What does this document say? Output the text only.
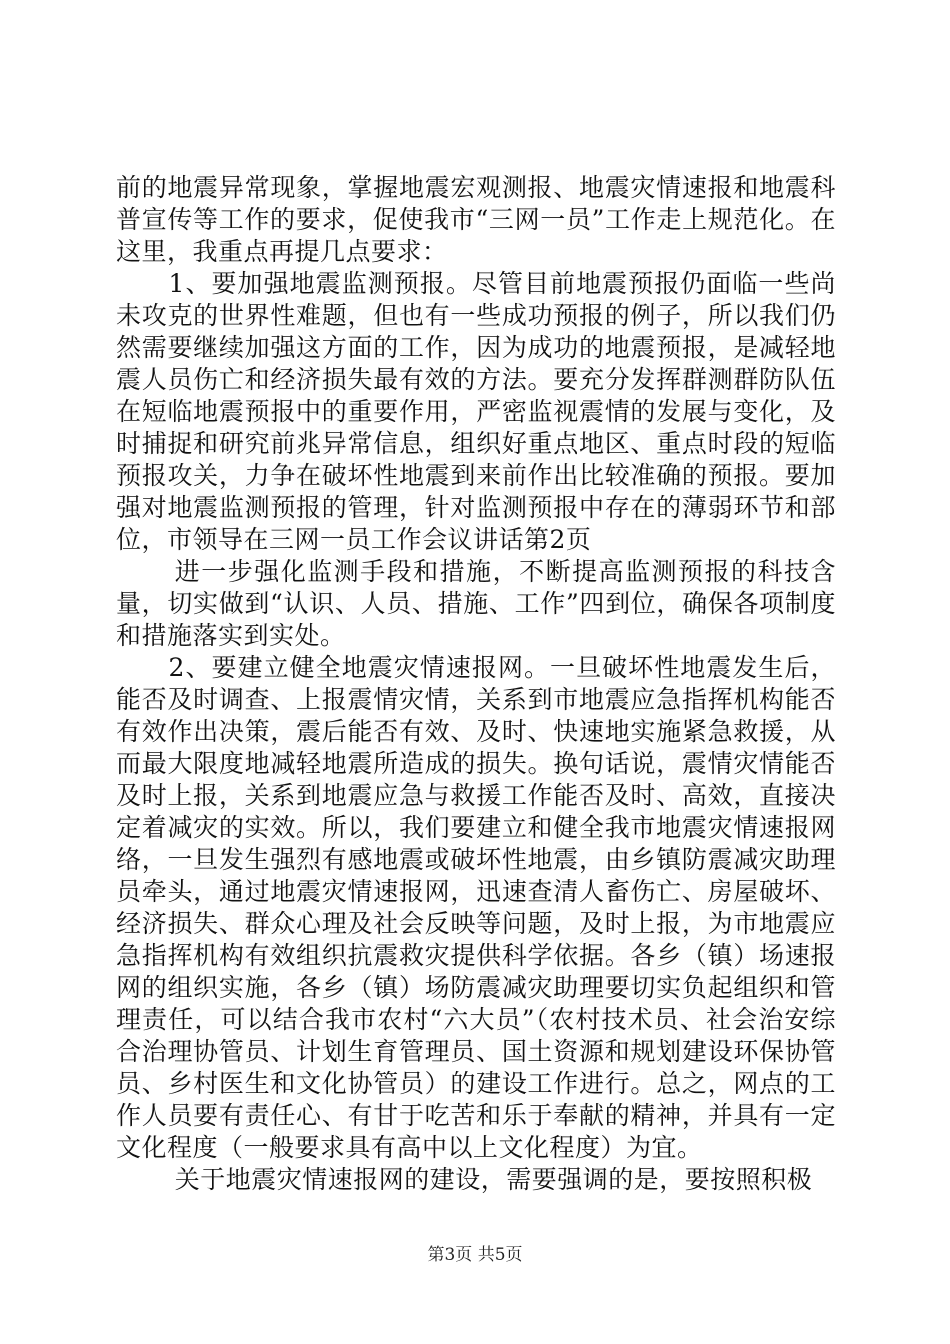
前的地震异常现象，掌握地震宏观测报、地震灾情速报和地震科普宣传等工作的要求，促使我市“三网一员”工作走上规范化。在这里，我重点再提几点要求：

1、要加强地震监测预报。尽管目前地震预报仍面临一些尚未攻克的世界性难题，但也有一些成功预报的例子，所以我们仍然需要继续加强这方面的工作，因为成功的地震预报，是减轻地震人员伤亡和经济损失最有效的方法。要充分发挥群测群防队伍在短临地震预报中的重要作用，严密监视震情的发展与变化，及时捕捉和研究前兆异常信息，组织好重点地区、重点时段的短临预报攻关，力争在破坏性地震到来前作出比较准确的预报。要加强对地震监测预报的管理，针对监测预报中存在的薄弱环节和部位，市领导在三网一员工作会议讲话第2页

进一步强化监测手段和措施，不断提高监测预报的科技含量，切实做到“认识、人员、措施、工作”四到位，确保各项制度和措施落实到实处。

2、要建立健全地震灾情速报网。一旦破坏性地震发生后，能否及时调查、上报震情灾情，关系到市地震应急指挥机构能否有效作出决策，震后能否有效、及时、快速地实施紧急救援，从而最大限度地减轻地震所造成的损失。换句话说，震情灾情能否及时上报，关系到地震应急与救援工作能否及时、高效，直接决定着减灾的实效。所以，我们要建立和健全我市地震灾情速报网络，一旦发生强烈有感地震或破坏性地震，由乡镇防震减灾助理员牵头，通过地震灾情速报网，迅速查清人畜伤亡、房屋破坏、经济损失、群众心理及社会反映等问题，及时上报，为市地震应急指挥机构有效组织抗震救灾提供科学依据。各乡（镇）场速报网的组织实施，各乡（镇）场防震减灾助理要切实负起组织和管理责任，可以结合我市农村“六大员”（农村技术员、社会治安综合治理协管员、计划生育管理员、国土资源和规划建设环保协管员、乡村医生和文化协管员）的建设工作进行。总之，网点的工作人员要有责任心、有甘于吃苦和乐于奉献的精神，并具有一定文化程度（一般要求具有高中以上文化程度）为宜。

关于地震灾情速报网的建设，需要强调的是，要按照积极

第3页 共5页
